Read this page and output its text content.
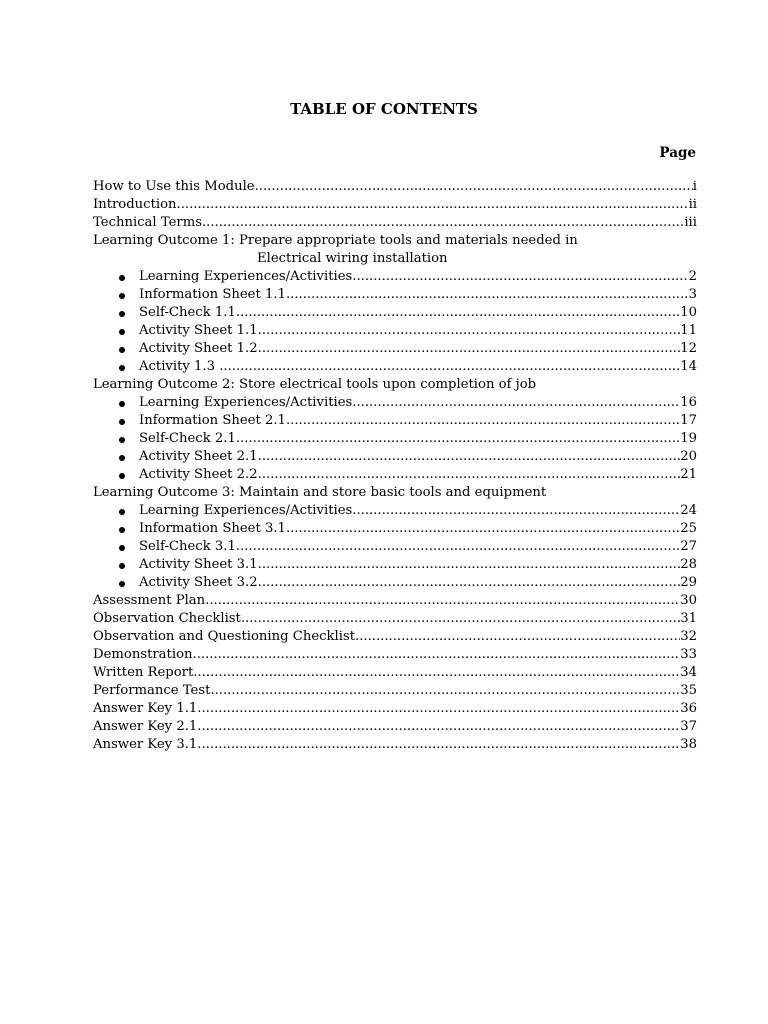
TABLE OF CONTENTS
Page
How to Use this Module .....	i
Introduction .....	ii
Technical Terms .....	iii
Learning Outcome 1: Prepare appropriate tools and materials needed in
Electrical wiring installation
Learning Experiences/Activities .....	2
Information Sheet 1.1 .....	3
Self-Check 1.1 .....	10
Activity Sheet 1.1 .....	11
Activity Sheet 1.2 .....	12
Activity 1.3 .....	14
Learning Outcome 2: Store electrical tools upon completion of job
Learning Experiences/Activities .....	16
Information Sheet 2.1 .....	17
Self-Check 2.1 .....	19
Activity Sheet 2.1 .....	20
Activity Sheet 2.2 .....	21
Learning Outcome 3: Maintain and store basic tools and equipment
Learning Experiences/Activities .....	24
Information Sheet 3.1 .....	25
Self-Check 3.1 .....	27
Activity Sheet 3.1 .....	28
Activity Sheet 3.2 .....	29
Assessment Plan .....	30
Observation Checklist .....	31
Observation and Questioning Checklist .....	32
Demonstration .....	33
Written Report .....	34
Performance Test .....	35
Answer Key 1.1 .....	36
Answer Key 2.1 .....	37
Answer Key 3.1 .....	38
